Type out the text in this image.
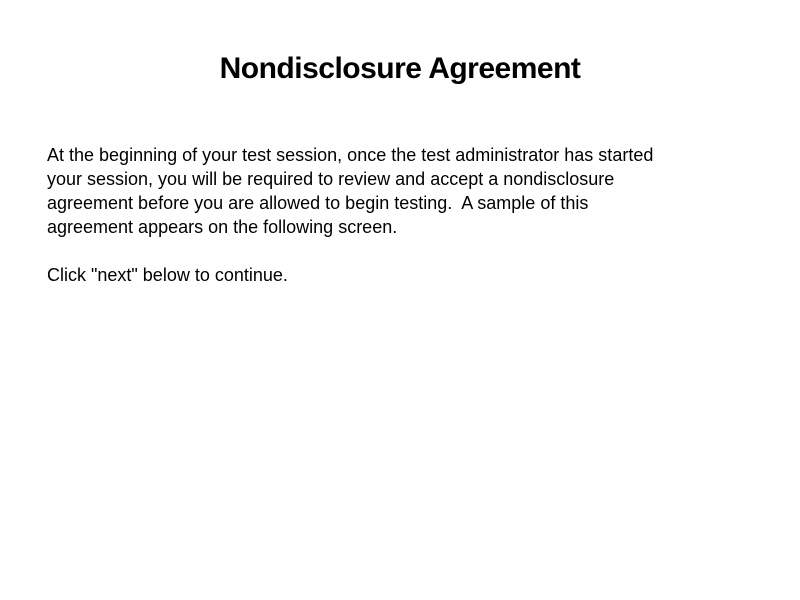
Nondisclosure Agreement
At the beginning of your test session, once the test administrator has started
your session, you will be required to review and accept a nondisclosure
agreement before you are allowed to begin testing.  A sample of this
agreement appears on the following screen.
Click "next" below to continue.
